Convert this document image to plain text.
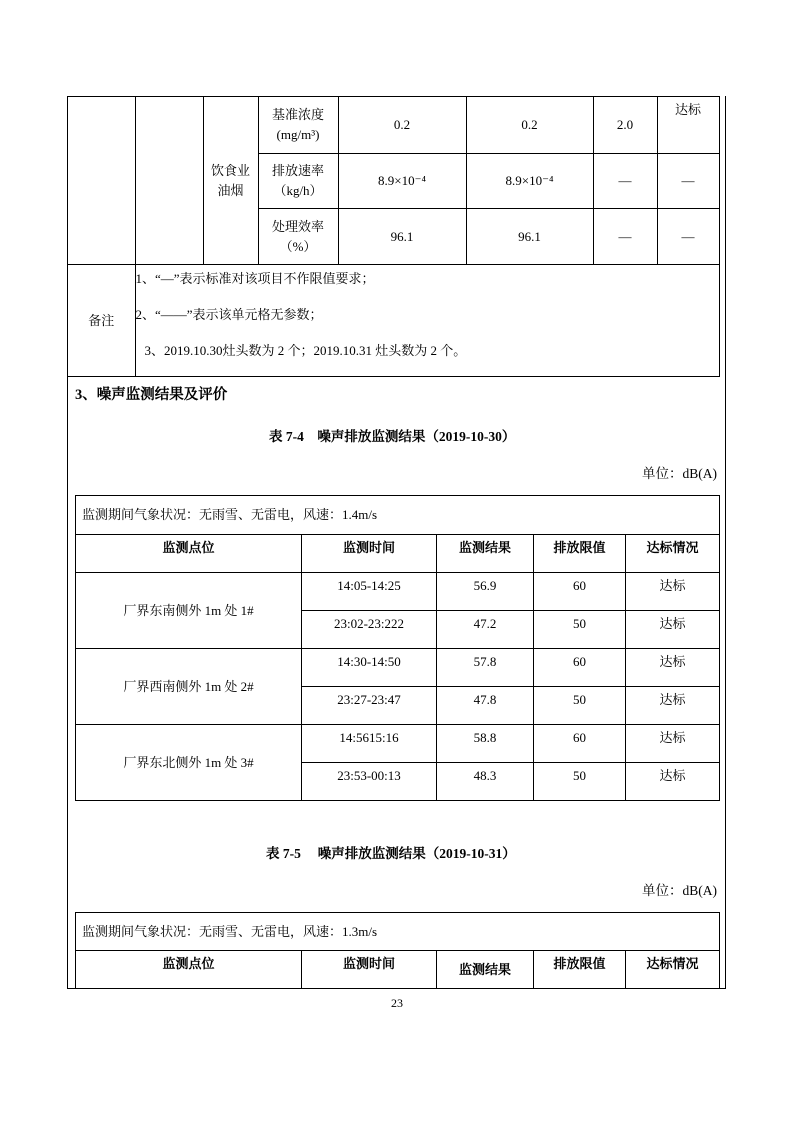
		饮食业油烟	基准浓度(mg/m³)	0.2	0.2	2.0	达标
			排放速率（kg/h）	8.9×10⁻⁴	8.9×10⁻⁴	—	—
			处理效率（%）	96.1	96.1	—	—
备注	1、“—”表示标准对该项目不作限值要求；
2、“——”表示该单元格无参数；
3、2019.10.30灶头数为 2 个；2019.10.31 灶头数为 2 个。						
3、噪声监测结果及评价
表 7-4　噪声排放监测结果（2019-10-30）
单位：dB(A)
监测期间气象状况：无雨雪、无雷电，风速：1.4m/s				
监测点位	监测时间	监测结果	排放限值	达标情况
厂界东南侧外 1m 处 1#	14:05-14:25	56.9	60	达标
	23:02-23:222	47.2	50	达标
厂界西南侧外 1m 处 2#	14:30-14:50	57.8	60	达标
	23:27-23:47	47.8	50	达标
厂界东北侧外 1m 处 3#	14:5615:16	58.8	60	达标
	23:53-00:13	48.3	50	达标
表 7-5　 噪声排放监测结果（2019-10-31）
单位：dB(A)
监测期间气象状况：无雨雪、无雷电，风速：1.3m/s
监测点位	监测时间	监测结果	排放限值	达标情况
23
